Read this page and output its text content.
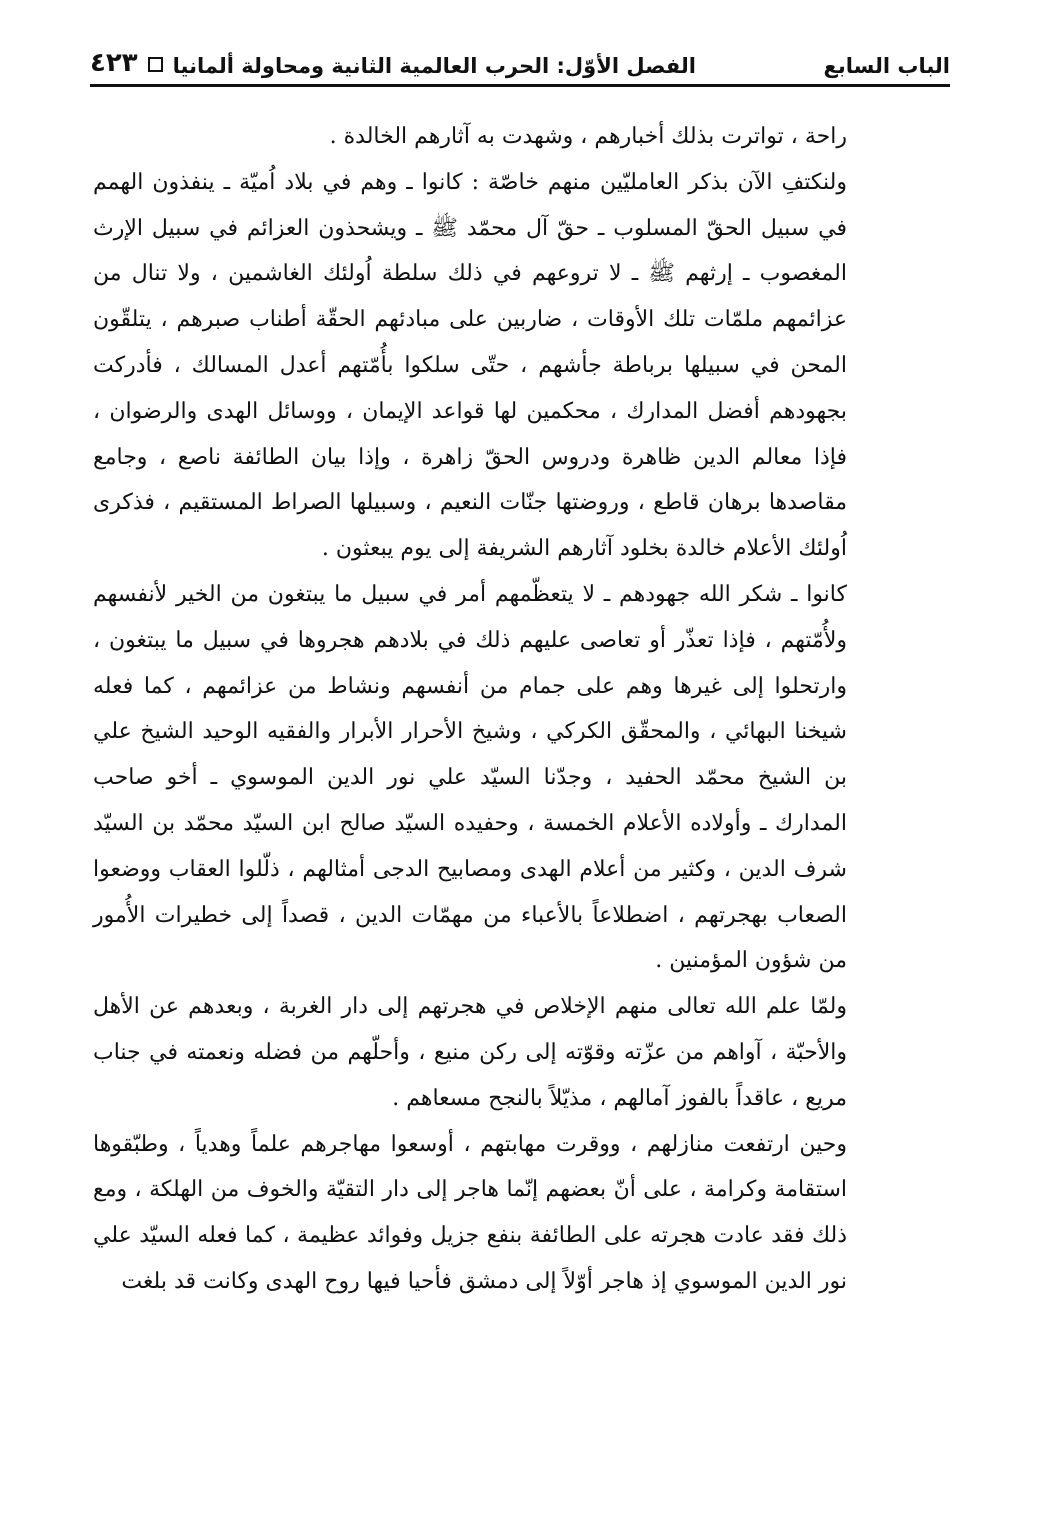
الباب السابع
الفصل الأوّل: الحرب العالمية الثانية ومحاولة ألمانيا
٤٢٣

راحة ، تواترت بذلك أخبارهم ، وشهدت به آثارهم الخالدة .

ولنكتفِ الآن بذكر العامليّين منهم خاصّة : كانوا ـ وهم في بلاد اُميّة ـ ينفذون الهمم في سبيل الحقّ المسلوب ـ حقّ آل محمّد ﷺ ـ ويشحذون العزائم في سبيل الإرث المغصوب ـ إرثهم ﷺ ـ لا تروعهم في ذلك سلطة اُولئك الغاشمين ، ولا تنال من عزائمهم ملمّات تلك الأوقات ، ضاربين على مبادئهم الحقّة أطناب صبرهم ، يتلقّون المحن في سبيلها برباطة جأشهم ، حتّى سلكوا بأُمّتهم أعدل المسالك ، فأدركت بجهودهم أفضل المدارك ، محكمين لها قواعد الإيمان ، ووسائل الهدى والرضوان ، فإذا معالم الدين ظاهرة ودروس الحقّ زاهرة ، وإذا بيان الطائفة ناصع ، وجامع مقاصدها برهان قاطع ، وروضتها جنّات النعيم ، وسبيلها الصراط المستقيم ، فذكرى اُولئك الأعلام خالدة بخلود آثارهم الشريفة إلى يوم يبعثون .

كانوا ـ شكر الله جهودهم ـ لا يتعظّمهم أمر في سبيل ما يبتغون من الخير لأنفسهم ولأُمّتهم ، فإذا تعذّر أو تعاصى عليهم ذلك في بلادهم هجروها في سبيل ما يبتغون ، وارتحلوا إلى غيرها وهم على جمام من أنفسهم ونشاط من عزائمهم ، كما فعله شيخنا البهائي ، والمحقّق الكركي ، وشيخ الأحرار الأبرار والفقيه الوحيد الشيخ علي بن الشيخ محمّد الحفيد ، وجدّنا السيّد علي نور الدين الموسوي ـ أخو صاحب المدارك ـ وأولاده الأعلام الخمسة ، وحفيده السيّد صالح ابن السيّد محمّد بن السيّد شرف الدين ، وكثير من أعلام الهدى ومصابيح الدجى أمثالهم ، ذلّلوا العقاب ووضعوا الصعاب بهجرتهم ، اضطلاعاً بالأعباء من مهمّات الدين ، قصداً إلى خطيرات الأُمور من شؤون المؤمنين .

ولمّا علم الله تعالى منهم الإخلاص في هجرتهم إلى دار الغربة ، وبعدهم عن الأهل والأحبّة ، آواهم من عزّته وقوّته إلى ركن منيع ، وأحلّهم من فضله ونعمته في جناب مريع ، عاقداً بالفوز آمالهم ، مذيّلاً بالنجح مسعاهم .

وحين ارتفعت منازلهم ، ووقرت مهابتهم ، أوسعوا مهاجرهم علماً وهدياً ، وطبّقوها استقامة وكرامة ، على أنّ بعضهم إنّما هاجر إلى دار التقيّة والخوف من الهلكة ، ومع ذلك فقد عادت هجرته على الطائفة بنفع جزيل وفوائد عظيمة ، كما فعله السيّد علي نور الدين الموسوي إذ هاجر أوّلاً إلى دمشق فأحيا فيها روح الهدى وكانت قد بلغت
